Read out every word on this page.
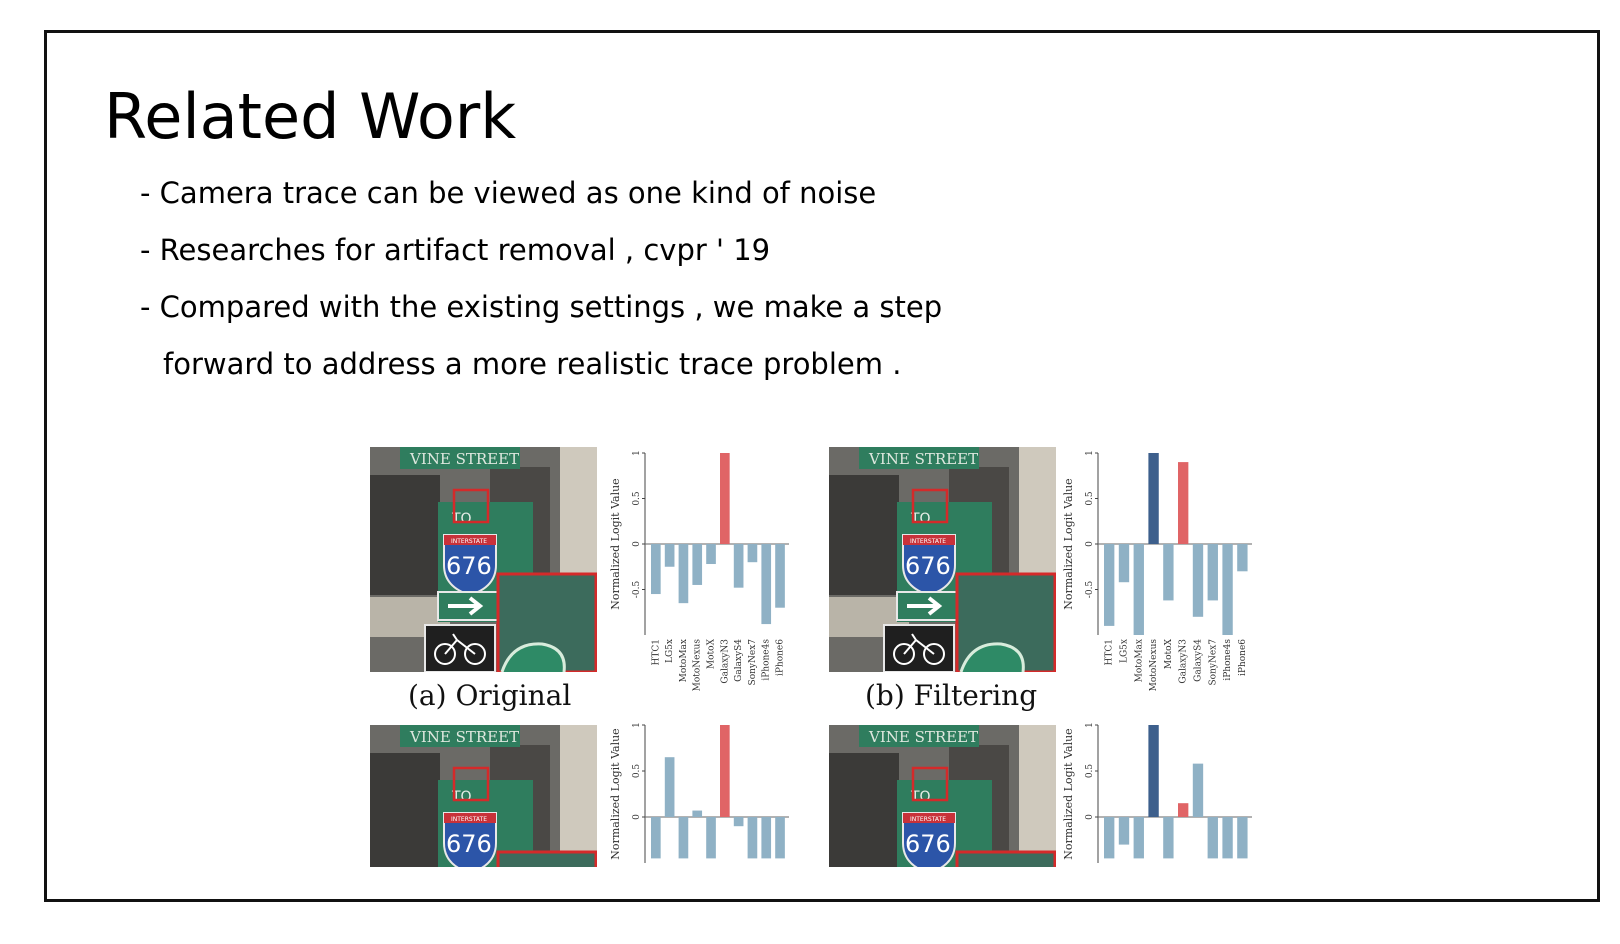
Related Work
- Camera trace can be viewed as one kind of noise
- Researches for artifact removal , cvpr ' 19
- Compared with the existing settings , we make a step
forward to address a more realistic trace problem .
VINE STREET
TO
INTERSTATE
676
VINE STREET
TO
INTERSTATE
676
VINE STREET
TO
INTERSTATE
676
VINE STREET
TO
INTERSTATE
676
(a) Original	(b) Filtering
1
0.5
0
-0.5
Normalized Logit Value
HTC1 LG5x MotoMax MotoNexus MotoX GalaxyN3 GalaxyS4 SonyNex7 iPhone4s iPhone6
1
0.5
0
-0.5
Normalized Logit Value
HTC1 LG5x MotoMax MotoNexus MotoX GalaxyN3 GalaxyS4 SonyNex7 iPhone4s iPhone6
1
0.5
0
Normalized Logit Value
1
0.5
0
Normalized Logit Value
